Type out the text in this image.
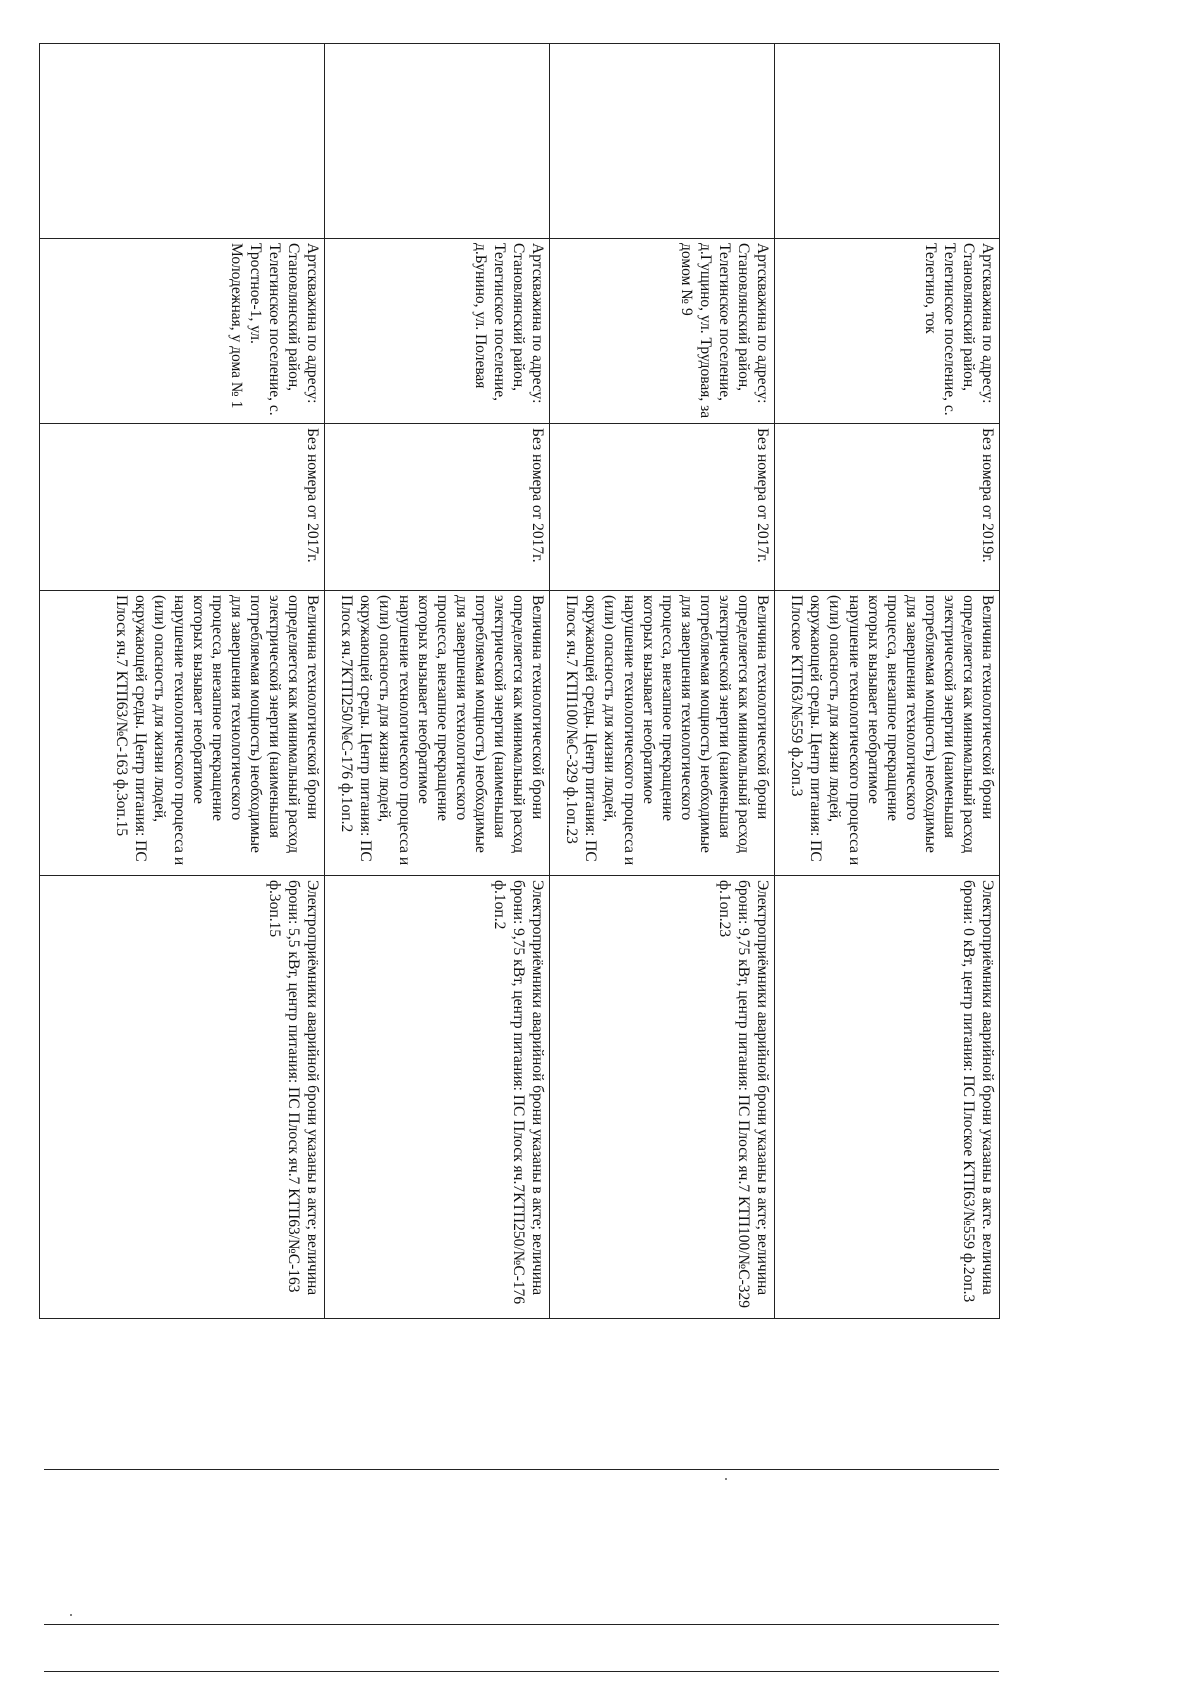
	Артскважина по адресу: Становлянский район, Телегинское поселение, с. Телегино, ток	Без номера от 2019г.	Величина технологической брони определяется как минимальный расход электрической энергии (наименьшая потребляемая мощность) необходимые для завершения технологического процесса, внезапное прекращение которых вызывает необратимое нарушение технологического процесса и (или) опасность для жизни людей, окружающей среды. Центр питания: ПС Плоское КТП63/№559 ф.2оп.3	Электроприёмники аварийной брони указаны в акте. величина брони: 0 кВт, центр питания: ПС Плоское КТП63/№559 ф.2оп.3
	Артскважина по адресу: Становлянский район, Телегинское поселение, д.Гущино, ул. Трудовая, за домом № 9	Без номера от 2017г.	Величина технологической брони определяется как минимальный расход электрической энергии (наименьшая потребляемая мощность) необходимые для завершения технологического процесса, внезапное прекращение которых вызывает необратимое нарушение технологического процесса и (или) опасность для жизни людей, окружающей среды. Центр питания: ПС Плоск яч.7 КТП100/№С-329 ф.1оп.23	Электроприёмники аварийной брони указаны в акте; величина брони: 9,75 кВт, центр питания: ПС Плоск яч.7 КТП100/№С-329 ф.1оп.23
	Артскважина по адресу: Становлянский район, Телегинское поселение, д.Бунино, ул. Полевая	Без номера от 2017г.	Величина технологической брони определяется как минимальный расход электрической энергии (наименьшая потребляемая мощность) необходимые для завершения технологического процесса, внезапное прекращение которых вызывает необратимое нарушение технологического процесса и (или) опасность для жизни людей, окружающей среды. Центр питания: ПС Плоск яч.7КТП250/№С-176 ф.1оп.2	Электроприёмники аварийной брони указаны в акте; величина брони: 9,75 кВт, центр питания: ПС Плоск яч.7КТП250/№С-176 ф.1оп.2
	Артскважина по адресу: Становлянский район, Телегинское поселение, с. Тростное-1, ул. Молодежная, у дома № 1	Без номера от 2017г.	Величина технологической брони определяется как минимальный расход электрической энергии (наименьшая потребляемая мощность) необходимые для завершения технологического процесса, внезапное прекращение которых вызывает необратимое нарушение технологического процесса и (или) опасность для жизни людей, окружающей среды. Центр питания: ПС Плоск яч.7 КТП63/№С-163 ф.3оп.15	Электроприёмники аварийной брони указаны в акте; величина брони: 5,5 кВт, центр питания: ПС Плоск яч.7 КТП63/№С-163 ф.3оп.15
